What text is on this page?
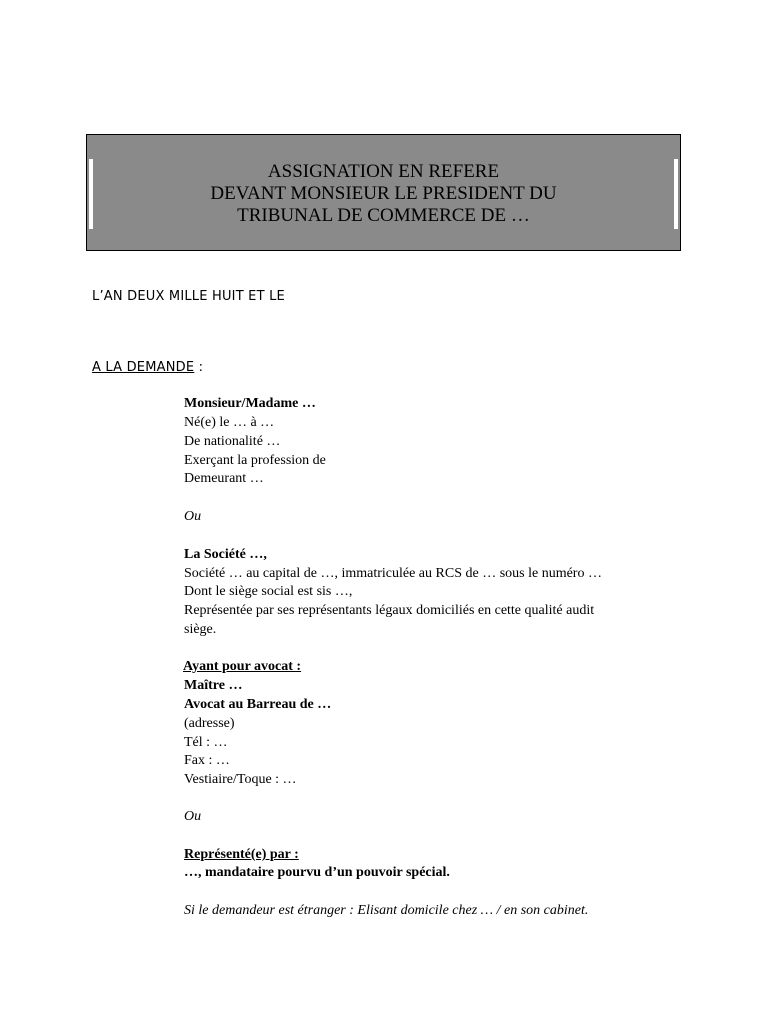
ASSIGNATION EN REFERE
DEVANT MONSIEUR LE PRESIDENT DU
TRIBUNAL DE COMMERCE DE …
L’AN DEUX MILLE HUIT ET LE
A LA DEMANDE :
Monsieur/Madame …
Né(e) le … à …
De nationalité …
Exerçant la profession de
Demeurant …
Ou
La Société …,
Société … au capital de …, immatriculée au RCS de … sous le numéro …
Dont le siège social est sis …,
Représentée par ses représentants légaux domiciliés en cette qualité audit
siège.
Ayant pour avocat :
Maître …
Avocat au Barreau de …
(adresse)
Tél : …
Fax : …
Vestiaire/Toque : …
Ou
Représenté(e) par :
…, mandataire pourvu d’un pouvoir spécial.
Si le demandeur est étranger : Elisant domicile chez … / en son cabinet.
